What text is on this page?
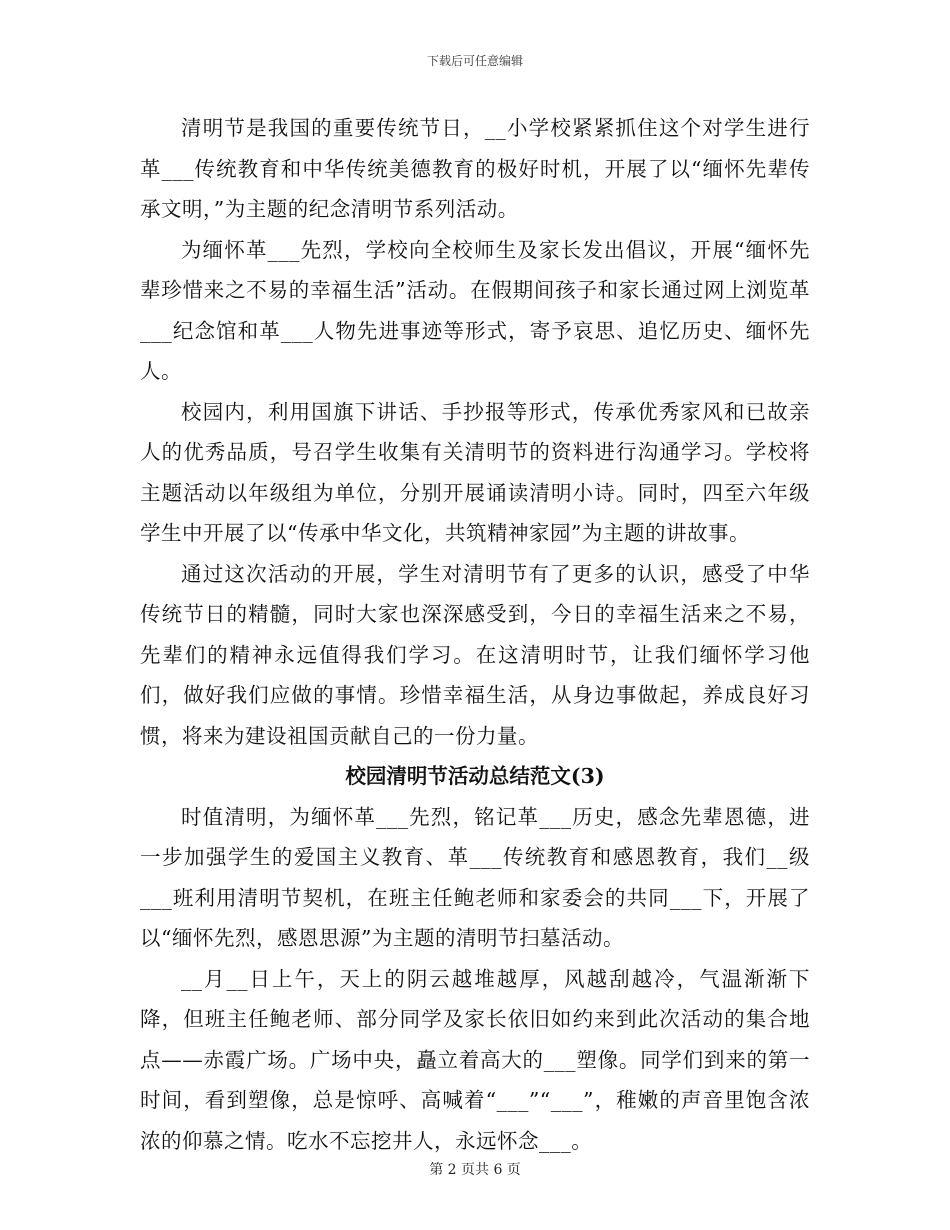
下载后可任意编辑

清明节是我国的重要传统节日，__小学校紧紧抓住这个对学生进行革___传统教育和中华传统美德教育的极好时机，开展了以“缅怀先辈传承文明，”为主题的纪念清明节系列活动。

为缅怀革___先烈，学校向全校师生及家长发出倡议，开展“缅怀先辈珍惜来之不易的幸福生活”活动。在假期间孩子和家长通过网上浏览革___纪念馆和革___人物先进事迹等形式，寄予哀思、追忆历史、缅怀先人。

校园内，利用国旗下讲话、手抄报等形式，传承优秀家风和已故亲人的优秀品质，号召学生收集有关清明节的资料进行沟通学习。学校将主题活动以年级组为单位，分别开展诵读清明小诗。同时，四至六年级学生中开展了以“传承中华文化，共筑精神家园”为主题的讲故事。

通过这次活动的开展，学生对清明节有了更多的认识，感受了中华传统节日的精髓，同时大家也深深感受到，今日的幸福生活来之不易，先辈们的精神永远值得我们学习。在这清明时节，让我们缅怀学习他们，做好我们应做的事情。珍惜幸福生活，从身边事做起，养成良好习惯，将来为建设祖国贡献自己的一份力量。

校园清明节活动总结范文(3)

时值清明，为缅怀革___先烈，铭记革___历史，感念先辈恩德，进一步加强学生的爱国主义教育、革___传统教育和感恩教育，我们__级___班利用清明节契机，在班主任鲍老师和家委会的共同___下，开展了以“缅怀先烈，感恩思源”为主题的清明节扫墓活动。

__月__日上午，天上的阴云越堆越厚，风越刮越冷，气温渐渐下降，但班主任鲍老师、部分同学及家长依旧如约来到此次活动的集合地点——赤霞广场。广场中央，矗立着高大的___塑像。同学们到来的第一时间，看到塑像，总是惊呼、高喊着“___”“___”，稚嫩的声音里饱含浓浓的仰慕之情。吃水不忘挖井人，永远怀念___。

第 2 页共 6 页
